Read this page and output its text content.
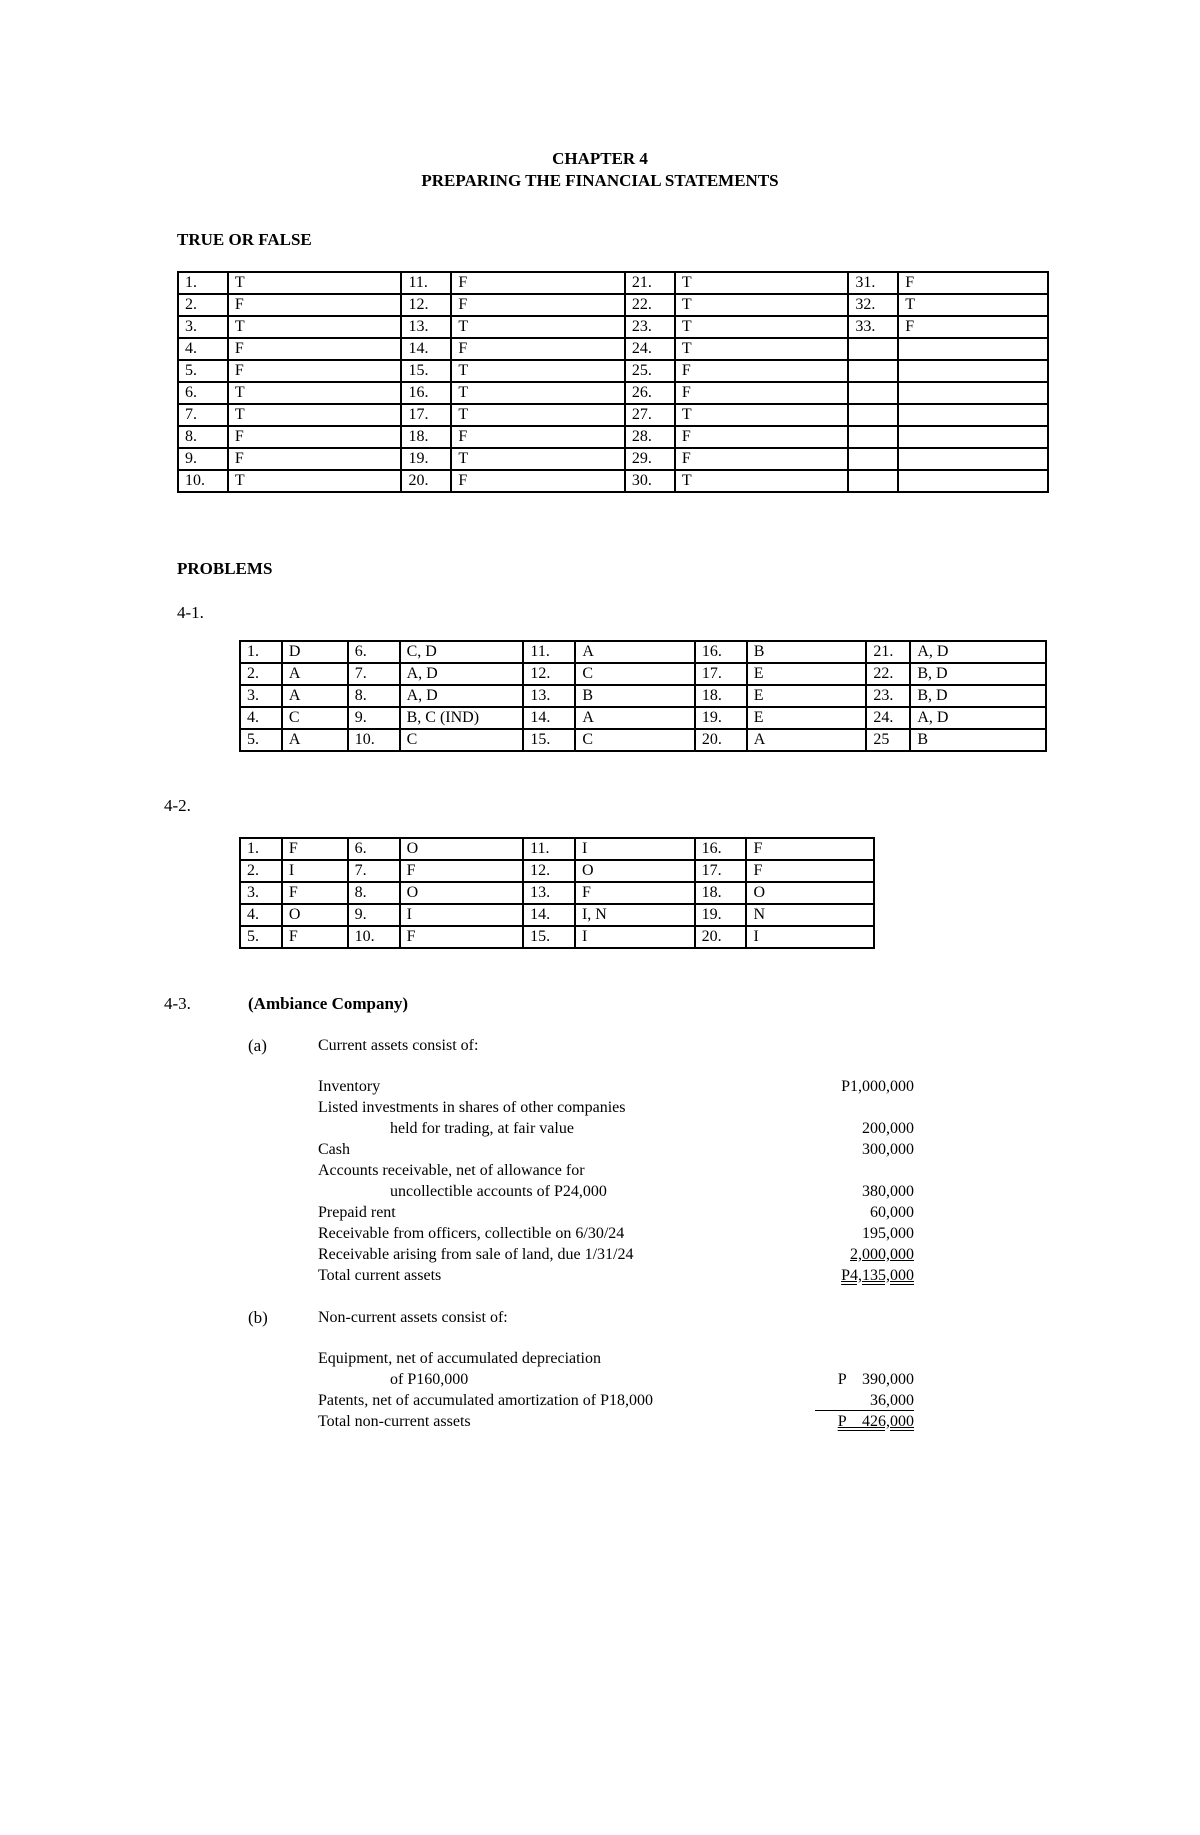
CHAPTER 4
PREPARING THE FINANCIAL STATEMENTS
TRUE OR FALSE
1.	T	11.	F	21.	T	31.	F
2.	F	12.	F	22.	T	32.	T
3.	T	13.	T	23.	T	33.	F
4.	F	14.	F	24.	T		
5.	F	15.	T	25.	F		
6.	T	16.	T	26.	F		
7.	T	17.	T	27.	T		
8.	F	18.	F	28.	F		
9.	F	19.	T	29.	F		
10.	T	20.	F	30.	T		
PROBLEMS
4-1.
1.	D	6.	C, D	11.	A	16.	B	21.	A, D
2.	A	7.	A, D	12.	C	17.	E	22.	B, D
3.	A	8.	A, D	13.	B	18.	E	23.	B, D
4.	C	9.	B, C (IND)	14.	A	19.	E	24.	A, D
5.	A	10.	C	15.	C	20.	A	25	B
4-2.
1.	F	6.	O	11.	I	16.	F
2.	I	7.	F	12.	O	17.	F
3.	F	8.	O	13.	F	18.	O
4.	O	9.	I	14.	I, N	19.	N
5.	F	10.	F	15.	I	20.	I
4-3.	(Ambiance Company)
(a)	Current assets consist of:
Inventory	P1,000,000
Listed investments in shares of other companies
held for trading, at fair value	200,000
Cash	300,000
Accounts receivable, net of allowance for
uncollectible accounts of P24,000	380,000
Prepaid rent	60,000
Receivable from officers, collectible on 6/30/24	195,000
Receivable arising from sale of land, due 1/31/24	2,000,000
Total current assets	P4,135,000
(b)	Non-current assets consist of:
Equipment, net of accumulated depreciation
of P160,000	P    390,000
Patents, net of accumulated amortization of P18,000	36,000
Total non-current assets	P    426,000
